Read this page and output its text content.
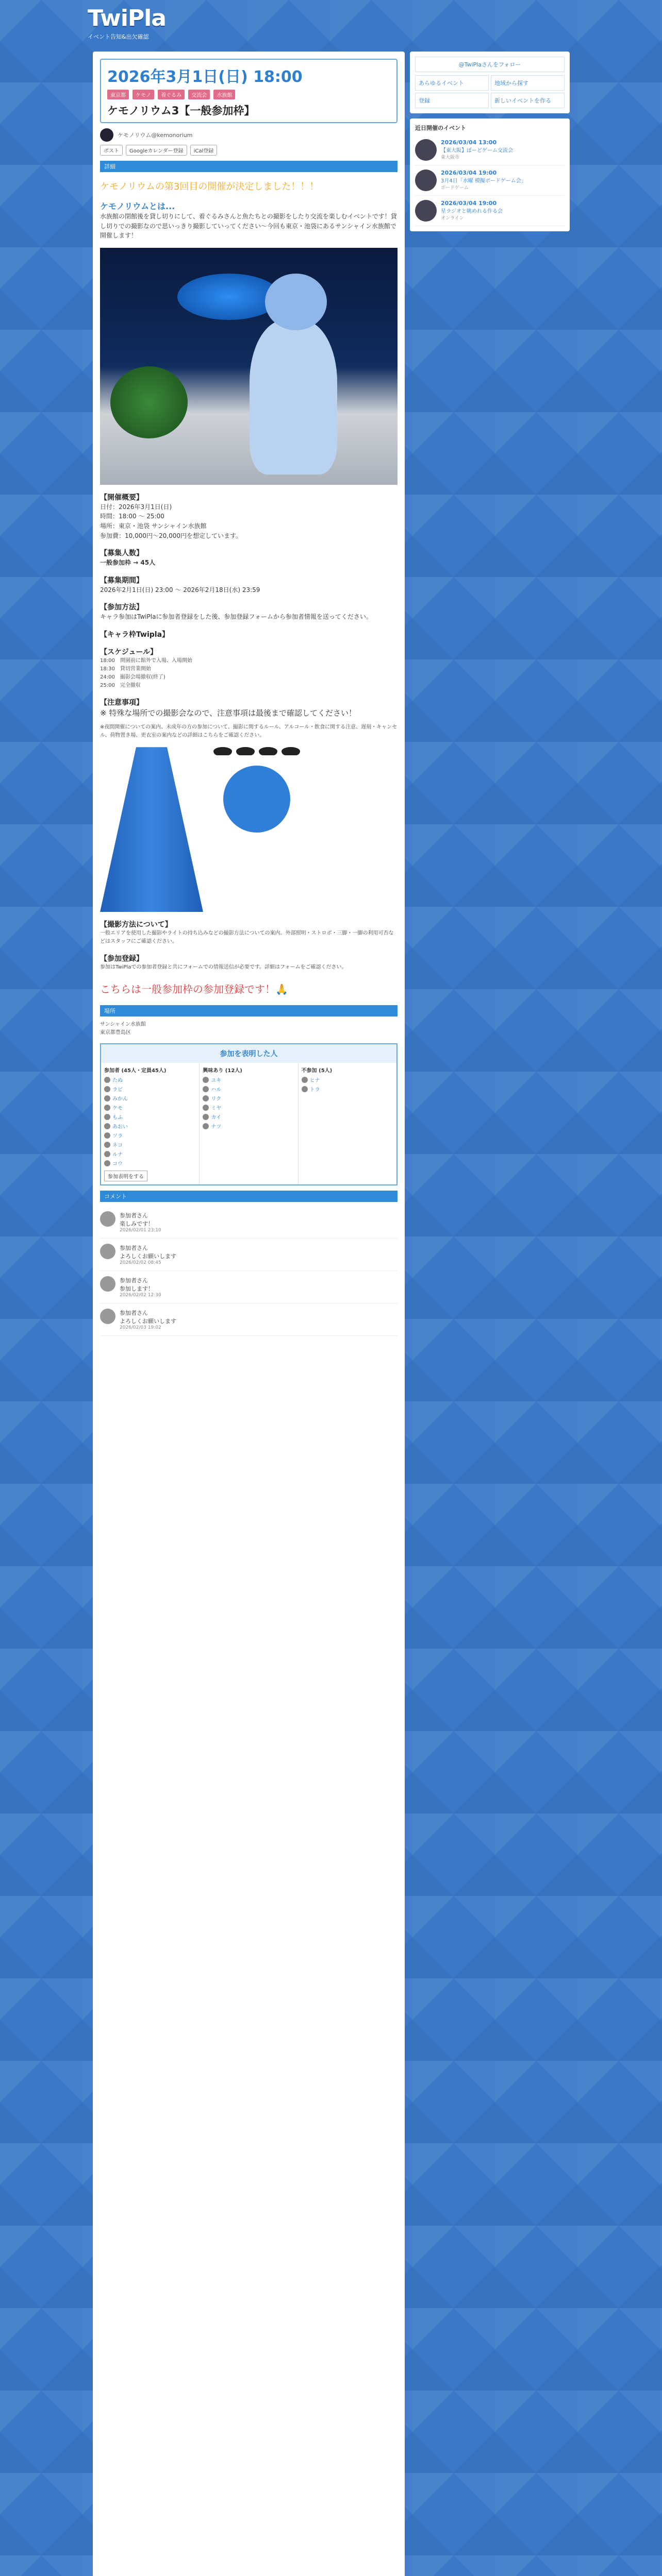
TwiPla
イベント告知&出欠確認
2026年3月1日(日) 18:00
東京都 ケモノ 着ぐるみ 交流会 水族館
ケモノリウム3【一般参加枠】
ケモノリウム@kemonorium
ポスト	Googleカレンダー登録	iCal登録
詳細
ケモノリウムの第3回目の開催が決定しました！！！
ケモノリウムとは...

水族館の閉館後を貸し切りにして、着ぐるみさんと魚たちとの撮影をしたり交流を楽しむイベントです！貸し切りでの撮影なので思いっきり撮影していってください〜今回も東京・池袋にあるサンシャイン水族館で開催します！

【開催概要】

日付：2026年3月1日(日)

時間：18:00 〜 25:00

場所：東京・池袋 サンシャイン水族館

参加費：10,000円〜20,000円を想定しています。

【募集人数】

一般参加枠 → 45人

【募集期間】

2026年2月1日(日) 23:00 〜 2026年2月18日(水) 23:59

【参加方法】

キャラ参加はTwiPlaに参加者登録をした後、参加登録フォームから参加者情報を送ってください。

【キャラ枠Twipla】
【スケジュール】

18:00　開園前に館外で入場、入場開始

18:30　貸切営業開始

24:00　撮影会場撤収(終了)

25:00　完全撤収

【注意事項】

※ 特殊な場所での撮影会なので、注意事項は最後まで確認してください！

※夜間開催についての案内、未成年の方の参加について、撮影に関するルール、アルコール・飲食に関する注意、遅刻・キャンセル、荷物置き場、更衣室の案内などの詳細はこちらをご確認ください。

【撮影方法について】

一般エリアを使用した撮影やライトの持ち込みなどの撮影方法についての案内。外部照明・ストロボ・三脚・一脚の利用可否などはスタッフにご確認ください。

【参加登録】

参加はTwiPlaでの参加者登録と共にフォームでの情報送信が必要です。詳細はフォームをご確認ください。

こちらは一般参加枠の参加登録です！🙏
場所

サンシャイン水族館

東京都豊島区

参加を表明した人
参加者 (45人・定員45人)
たぬ
ラビ
みかん
ケモ
もふ
あおい
ソラ
ネコ
ルナ
コウ
参加表明をする
興味あり (12人)
ユキ
ハル
リク
ミヤ
カイ
ナツ
不参加 (5人)
ヒナ
トラ
コメント
参加者さん
楽しみです！
2026/02/01 23:10
参加者さん
よろしくお願いします
2026/02/02 08:45
参加者さん
参加します！
2026/02/02 12:30
参加者さん
よろしくお願いします
2026/02/03 19:02
@TwiPlaさんをフォロー
あらゆるイベント	地域から探す
登録	新しいイベントを作る
近日開催のイベント
2026/03/04 13:00
【東大阪】ぼーどゲーム交流会
東大阪市
2026/03/04 19:00
3月4日「水曜 模擬ボードゲーム会」
ボードゲーム
2026/03/04 19:00
星ラジオと眺めれる作る会
オンライン
